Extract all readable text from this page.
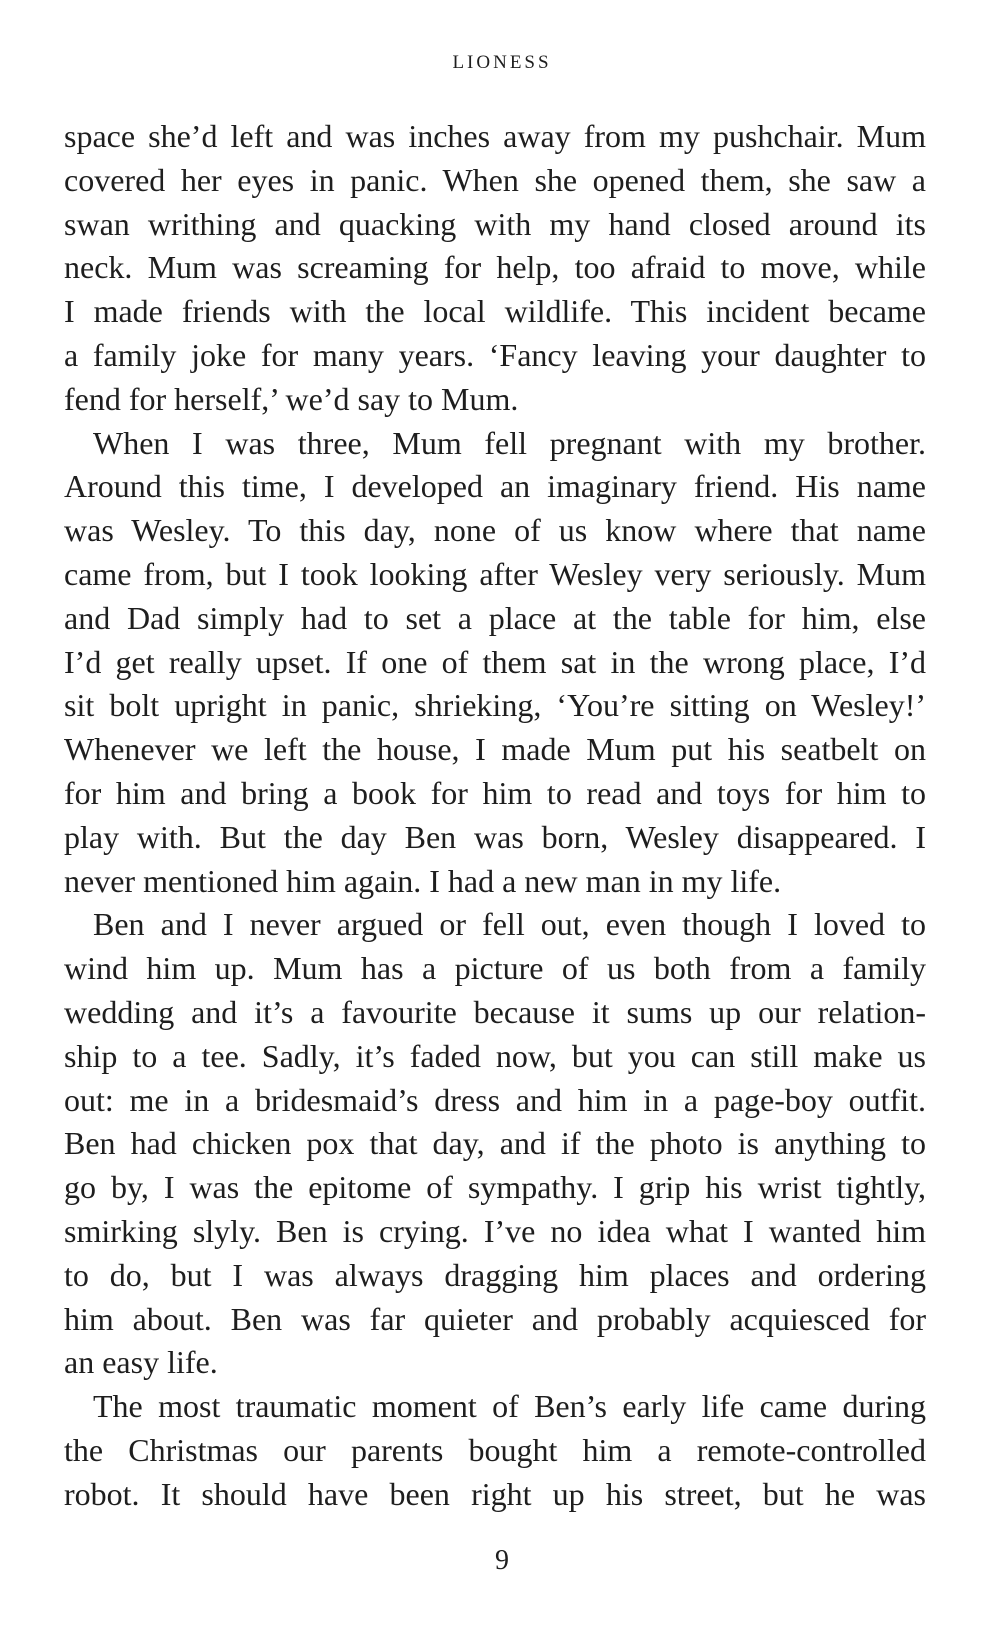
LIONESS
space she’d left and was inches away from my pushchair. Mum
covered her eyes in panic. When she opened them, she saw a
swan writhing and quacking with my hand closed around its
neck. Mum was screaming for help, too afraid to move, while
I made friends with the local wildlife. This incident became
a family joke for many years. ‘Fancy leaving your daughter to
fend for herself,’ we’d say to Mum.
When I was three, Mum fell pregnant with my brother.
Around this time, I developed an imaginary friend. His name
was Wesley. To this day, none of us know where that name
came from, but I took looking after Wesley very seriously. Mum
and Dad simply had to set a place at the table for him, else
I’d get really upset. If one of them sat in the wrong place, I’d
sit bolt upright in panic, shrieking, ‘You’re sitting on Wesley!’
Whenever we left the house, I made Mum put his seatbelt on
for him and bring a book for him to read and toys for him to
play with. But the day Ben was born, Wesley disappeared. I
never mentioned him again. I had a new man in my life.
Ben and I never argued or fell out, even though I loved to
wind him up. Mum has a picture of us both from a family
wedding and it’s a favourite because it sums up our relation-
ship to a tee. Sadly, it’s faded now, but you can still make us
out: me in a bridesmaid’s dress and him in a page-boy outfit.
Ben had chicken pox that day, and if the photo is anything to
go by, I was the epitome of sympathy. I grip his wrist tightly,
smirking slyly. Ben is crying. I’ve no idea what I wanted him
to do, but I was always dragging him places and ordering
him about. Ben was far quieter and probably acquiesced for
an easy life.
The most traumatic moment of Ben’s early life came during
the Christmas our parents bought him a remote-controlled
robot. It should have been right up his street, but he was
9
